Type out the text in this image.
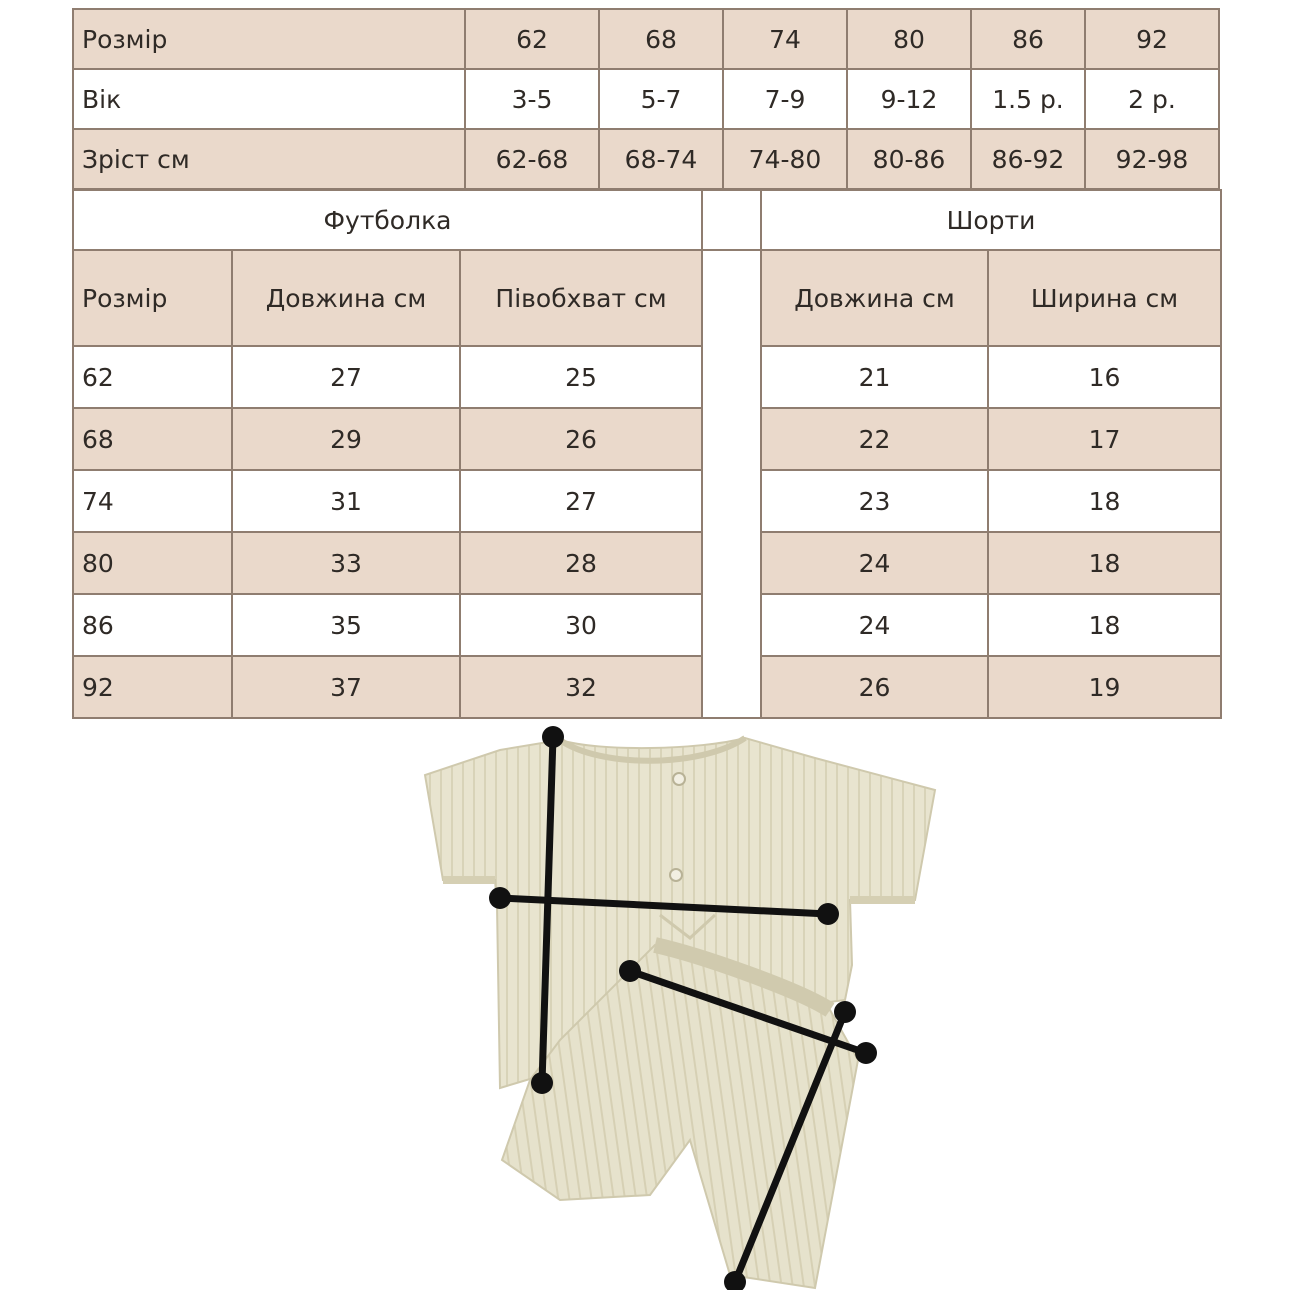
Розмір	62	68	74	80	86	92
Вік	3-5	5-7	7-9	9-12	1.5 р.	2 р.
Зріст см	62-68	68-74	74-80	80-86	86-92	92-98
Футболка				Шорти	
Розмір	Довжина см	Півобхват см		Довжина см	Ширина см
62	27	25		21	16
68	29	26		22	17
74	31	27		23	18
80	33	28		24	18
86	35	30		24	18
92	37	32		26	19
